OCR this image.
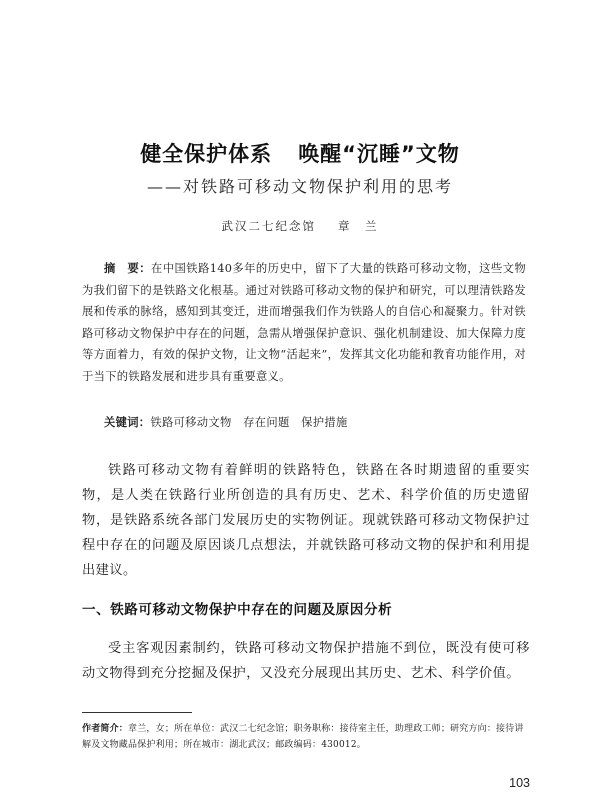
健全保护体系 唤醒“沉睡”文物
——对铁路可移动文物保护利用的思考
武汉二七纪念馆 章　兰
摘　要：在中国铁路140多年的历史中，留下了大量的铁路可移动文物，这些文物为我们留下的是铁路文化根基。通过对铁路可移动文物的保护和研究，可以理清铁路发展和传承的脉络，感知到其变迁，进而增强我们作为铁路人的自信心和凝聚力。针对铁路可移动文物保护中存在的问题，急需从增强保护意识、强化机制建设、加大保障力度等方面着力，有效的保护文物，让文物“活起来”，发挥其文化功能和教育功能作用，对于当下的铁路发展和进步具有重要意义。
关键词：铁路可移动文物　存在问题　保护措施

铁路可移动文物有着鲜明的铁路特色，铁路在各时期遗留的重要实物，是人类在铁路行业所创造的具有历史、艺术、科学价值的历史遗留物，是铁路系统各部门发展历史的实物例证。现就铁路可移动文物保护过程中存在的问题及原因谈几点想法，并就铁路可移动文物的保护和利用提出建议。

一、铁路可移动文物保护中存在的问题及原因分析

受主客观因素制约，铁路可移动文物保护措施不到位，既没有使可移动文物得到充分挖掘及保护，又没充分展现出其历史、艺术、科学价值。

作者简介：章兰，女；所在单位：武汉二七纪念馆；职务职称：接待室主任，助理政工师；研究方向：接待讲解及文物藏品保护利用；所在城市：湖北武汉；邮政编码：430012。
103
